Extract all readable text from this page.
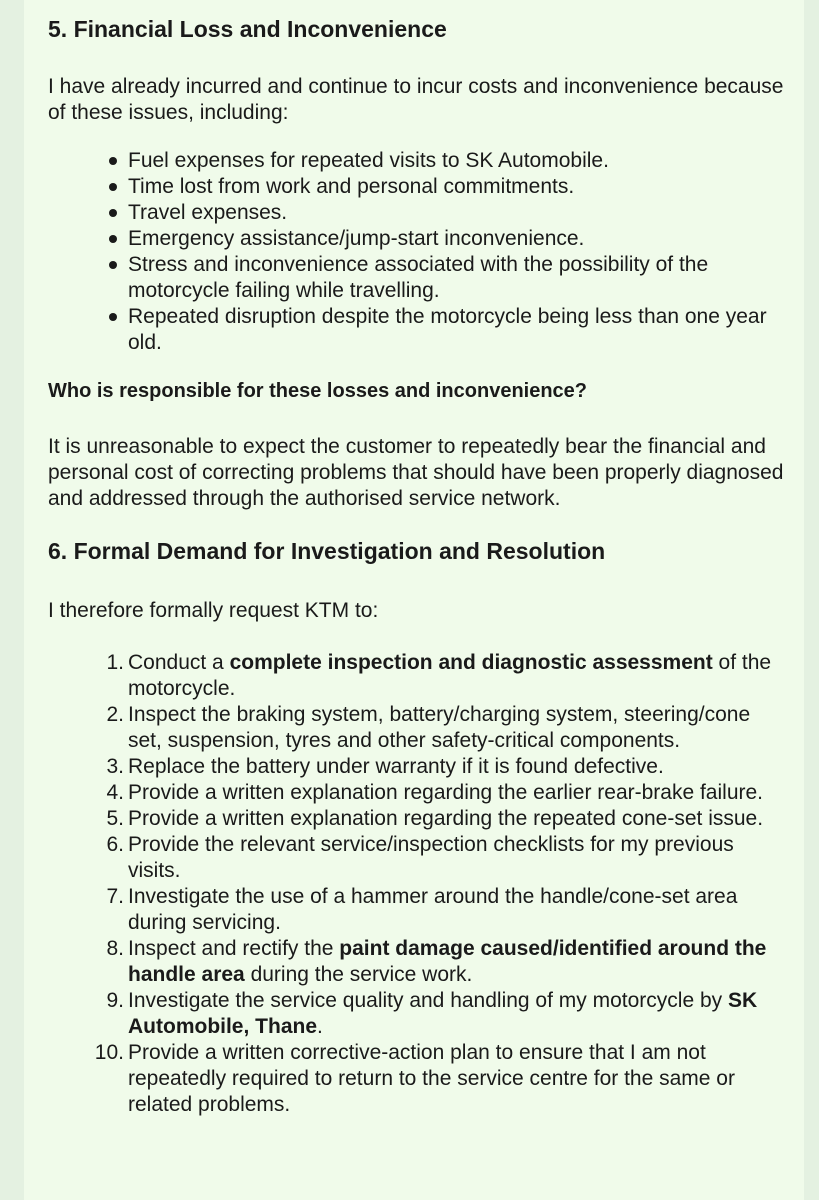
5. Financial Loss and Inconvenience

I have already incurred and continue to incur costs and inconvenience because of these issues, including:

Fuel expenses for repeated visits to SK Automobile.
Time lost from work and personal commitments.
Travel expenses.
Emergency assistance/jump-start inconvenience.
Stress and inconvenience associated with the possibility of the motorcycle failing while travelling.
Repeated disruption despite the motorcycle being less than one year old.

Who is responsible for these losses and inconvenience?

It is unreasonable to expect the customer to repeatedly bear the financial and personal cost of correcting problems that should have been properly diagnosed and addressed through the authorised service network.

6. Formal Demand for Investigation and Resolution

I therefore formally request KTM to:

1. Conduct a complete inspection and diagnostic assessment of the motorcycle.
2. Inspect the braking system, battery/charging system, steering/cone set, suspension, tyres and other safety-critical components.
3. Replace the battery under warranty if it is found defective.
4. Provide a written explanation regarding the earlier rear-brake failure.
5. Provide a written explanation regarding the repeated cone-set issue.
6. Provide the relevant service/inspection checklists for my previous visits.
7. Investigate the use of a hammer around the handle/cone-set area during servicing.
8. Inspect and rectify the paint damage caused/identified around the handle area during the service work.
9. Investigate the service quality and handling of my motorcycle by SK Automobile, Thane.
10. Provide a written corrective-action plan to ensure that I am not repeatedly required to return to the service centre for the same or related problems.
